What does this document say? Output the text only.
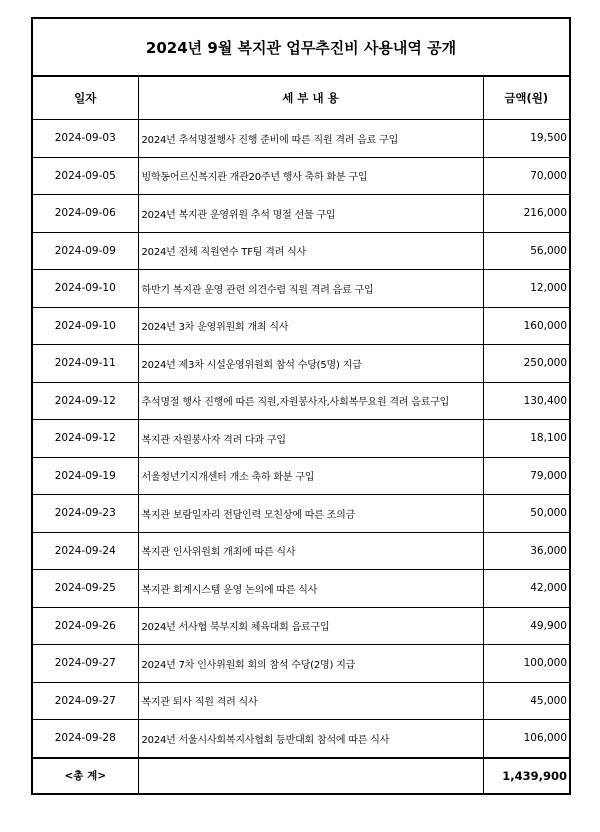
2024년 9월 복지관 업무추진비 사용내역 공개		
일자	세 부 내 용	금액(원)
2024-09-03	2024년 추석명절행사 진행 준비에 따른 직원 격려 음료 구입	19,500
2024-09-05	빙학동어르신복지관 개관20주년 행사 축하 화분 구입	70,000
2024-09-06	2024년 복지관 운영위원 추석 명절 선물 구입	216,000
2024-09-09	2024년 전체 직원연수 TF팀 격려 식사	56,000
2024-09-10	하반기 복지관 운영 관련 의견수렴 직원 격려 음료 구입	12,000
2024-09-10	2024년 3차 운영위원회 개최 식사	160,000
2024-09-11	2024년 제3차 시설운영위원회 참석 수당(5명) 지급	250,000
2024-09-12	추석명절 행사 진행에 따른 직원,자원봉사자,사회복무요원 격려 음료구입	130,400
2024-09-12	복지관 자원봉사자 격려 다과 구입	18,100
2024-09-19	서울청년기지개센터 개소 축하 화분 구입	79,000
2024-09-23	복지관 보람일자리 전담인력 모친상에 따른 조의금	50,000
2024-09-24	복지관 인사위원회 개최에 따른 식사	36,000
2024-09-25	복지관 회계시스템 운영 논의에 따른 식사	42,000
2024-09-26	2024년 서사협 북부지회 체육대회 음료구입	49,900
2024-09-27	2024년 7차 인사위원회 회의 참석 수당(2명) 지급	100,000
2024-09-27	복지관 퇴사 직원 격려 식사	45,000
2024-09-28	2024년 서울시사회복지사협회 등반대회 참석에 따른 식사	106,000
<총 계>		1,439,900
